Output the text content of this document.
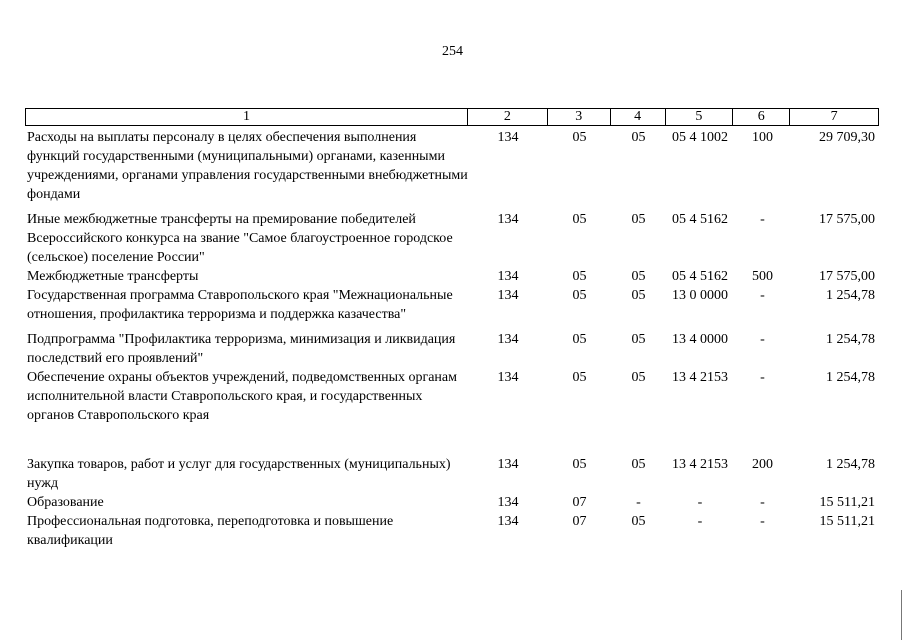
254
1	2	3	4	5	6	7
Расходы на выплаты персоналу в целях обеспечения выполнения функций государственными (муниципальными) органами, казенными учреждениями, органами управления государственными внебюджетными фондами
134	05	05	05 4 1002	100	29 709,30
Иные межбюджетные трансферты на премирование победителей Всероссийского конкурса на звание "Самое благоустроенное городское (сельское) поселение России"
134	05	05	05 4 5162	-	17 575,00
Межбюджетные трансферты	134	05	05	05 4 5162	500	17 575,00
Государственная программа Ставропольского края "Межнациональные отношения, профилактика терроризма и поддержка казачества"
134	05	05	13 0 0000	-	1 254,78
Подпрограмма "Профилактика терроризма, минимизация и ликвидация последствий его проявлений"
134	05	05	13 4 0000	-	1 254,78
Обеспечение охраны объектов учреждений, подведомственных органам исполнительной власти Ставропольского края, и государственных органов Ставропольского края
134	05	05	13 4 2153	-	1 254,78
Закупка товаров, работ и услуг для государственных (муниципальных) нужд
134	05	05	13 4 2153	200	1 254,78
Образование	134	07	-	-	-	15 511,21
Профессиональная подготовка, переподготовка и повышение квалификации
134	07	05	-	-	15 511,21
